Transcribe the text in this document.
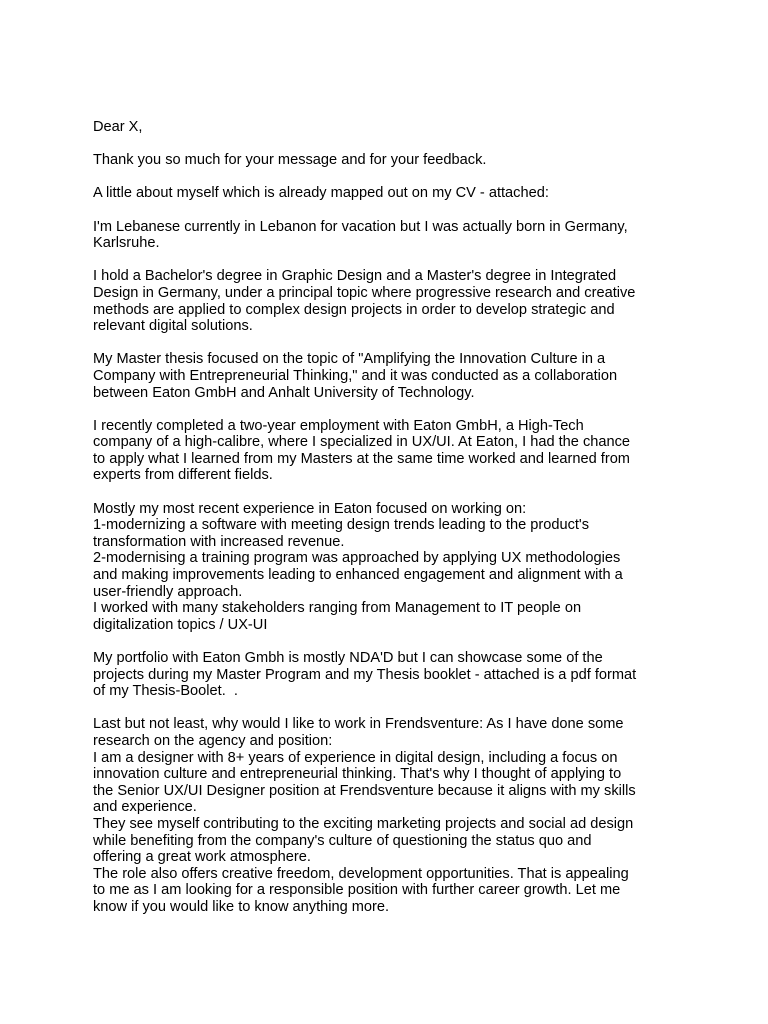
Dear X,

Thank you so much for your message and for your feedback.

A little about myself which is already mapped out on my CV - attached:

I'm Lebanese currently in Lebanon for vacation but I was actually born in Germany,
Karlsruhe.

I hold a Bachelor's degree in Graphic Design and a Master's degree in Integrated
Design in Germany, under a principal topic where progressive research and creative
methods are applied to complex design projects in order to develop strategic and
relevant digital solutions.

My Master thesis focused on the topic of "Amplifying the Innovation Culture in a
Company with Entrepreneurial Thinking," and it was conducted as a collaboration
between Eaton GmbH and Anhalt University of Technology.

I recently completed a two-year employment with Eaton GmbH, a High-Tech
company of a high-calibre, where I specialized in UX/UI. At Eaton, I had the chance
to apply what I learned from my Masters at the same time worked and learned from
experts from different fields.

Mostly my most recent experience in Eaton focused on working on:
1-modernizing a software with meeting design trends leading to the product's
transformation with increased revenue.
2-modernising a training program was approached by applying UX methodologies
and making improvements leading to enhanced engagement and alignment with a
user-friendly approach.
I worked with many stakeholders ranging from Management to IT people on
digitalization topics / UX-UI

My portfolio with Eaton Gmbh is mostly NDA'D but I can showcase some of the
projects during my Master Program and my Thesis booklet - attached is a pdf format
of my Thesis-Boolet.  .

Last but not least, why would I like to work in Frendsventure: As I have done some
research on the agency and position:
I am a designer with 8+ years of experience in digital design, including a focus on
innovation culture and entrepreneurial thinking. That's why I thought of applying to
the Senior UX/UI Designer position at Frendsventure because it aligns with my skills
and experience.
They see myself contributing to the exciting marketing projects and social ad design
while benefiting from the company's culture of questioning the status quo and
offering a great work atmosphere.
The role also offers creative freedom, development opportunities. That is appealing
to me as I am looking for a responsible position with further career growth. Let me
know if you would like to know anything more.
